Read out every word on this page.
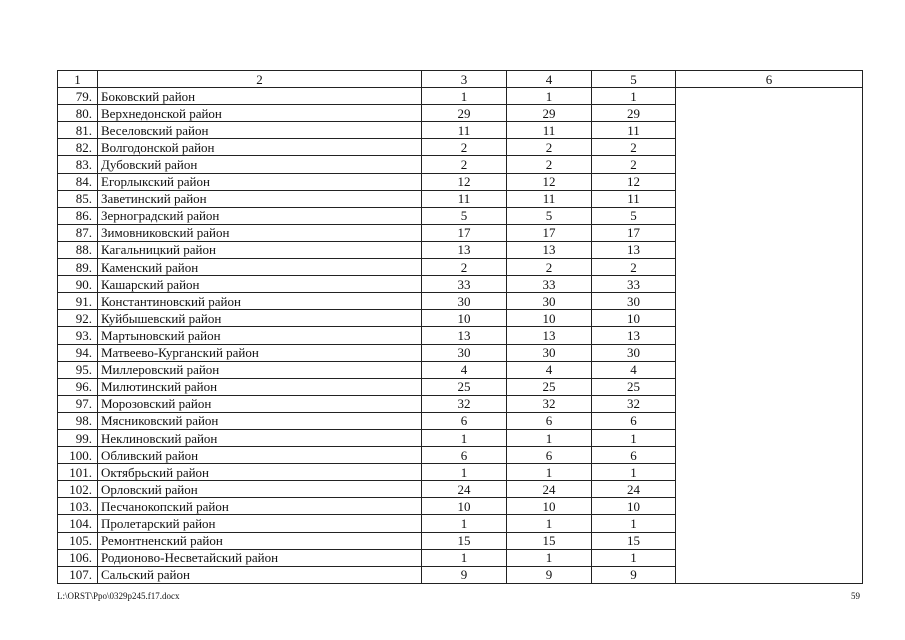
1	2	3	4	5	6
79.	Боковский район	1	1	1	
80.	Верхнедонской район	29	29	29	
81.	Веселовский район	11	11	11	
82.	Волгодонской район	2	2	2	
83.	Дубовский район	2	2	2	
84.	Егорлыкский район	12	12	12	
85.	Заветинский район	11	11	11	
86.	Зерноградский район	5	5	5	
87.	Зимовниковский район	17	17	17	
88.	Кагальницкий район	13	13	13	
89.	Каменский район	2	2	2	
90.	Кашарский район	33	33	33	
91.	Константиновский район	30	30	30	
92.	Куйбышевский район	10	10	10	
93.	Мартыновский район	13	13	13	
94.	Матвеево-Курганский район	30	30	30	
95.	Миллеровский район	4	4	4	
96.	Милютинский район	25	25	25	
97.	Морозовский район	32	32	32	
98.	Мясниковский район	6	6	6	
99.	Неклиновский район	1	1	1	
100.	Обливский район	6	6	6	
101.	Октябрьский район	1	1	1	
102.	Орловский район	24	24	24	
103.	Песчанокопский район	10	10	10	
104.	Пролетарский район	1	1	1	
105.	Ремонтненский район	15	15	15	
106.	Родионово-Несветайский район	1	1	1	
107.	Сальский район	9	9	9	
L:\ORST\Ppo\0329p245.f17.docx	59
